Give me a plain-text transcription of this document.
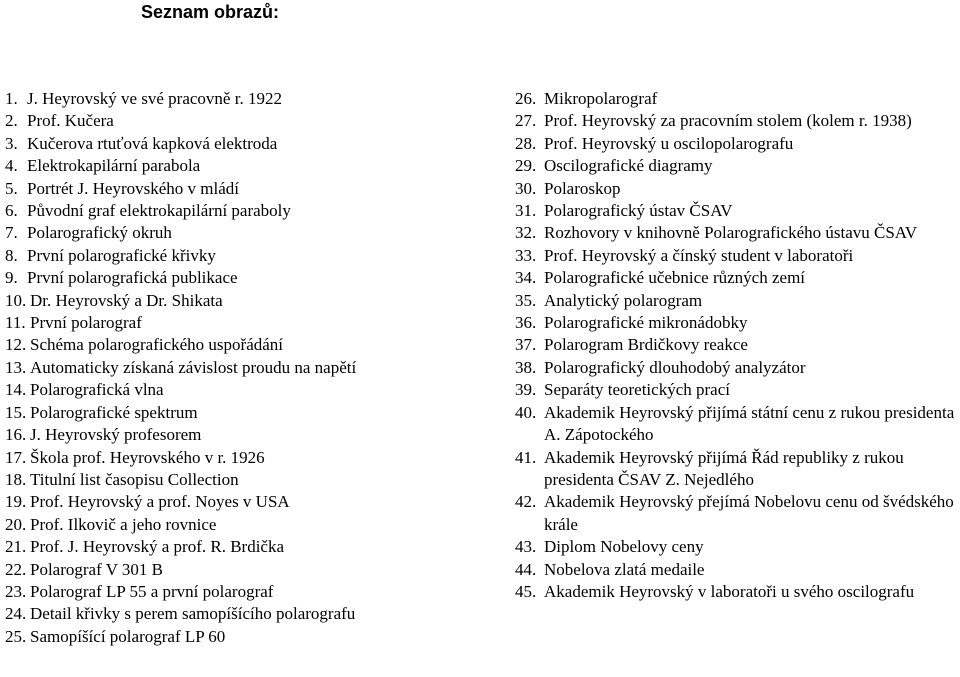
Seznam obrazů:
1. J. Heyrovský ve své pracovně r. 1922
2. Prof. Kučera
3. Kučerova rtuťová kapková elektroda
4. Elektrokapilární parabola
5. Portrét J. Heyrovského v mládí
6. Původní graf elektrokapilární paraboly
7. Polarografický okruh
8. První polarografické křivky
9. První polarografická publikace
10. Dr. Heyrovský a Dr. Shikata
11. První polarograf
12. Schéma polarografického uspořádání
13. Automaticky získaná závislost proudu na napětí
14. Polarografická vlna
15. Polarografické spektrum
16. J. Heyrovský profesorem
17. Škola prof. Heyrovského v r. 1926
18. Titulní list časopisu Collection
19. Prof. Heyrovský a prof. Noyes v USA
20. Prof. Ilkovič a jeho rovnice
21. Prof. J. Heyrovský a prof. R. Brdička
22. Polarograf V 301 B
23. Polarograf LP 55 a první polarograf
24. Detail křivky s perem samopíšícího polarografu
25. Samopíšící polarograf LP 60
26. Mikropolarograf
27. Prof. Heyrovský za pracovním stolem (kolem r. 1938)
28. Prof. Heyrovský u oscilopolarografu
29. Oscilografické diagramy
30. Polaroskop
31. Polarografický ústav ČSAV
32. Rozhovory v knihovně Polarografického ústavu ČSAV
33. Prof. Heyrovský a čínský student v laboratoři
34. Polarografické učebnice různých zemí
35. Analytický polarogram
36. Polarografické mikronádobky
37. Polarogram Brdičkovy reakce
38. Polarografický dlouhodobý analyzátor
39. Separáty teoretických prací
40. Akademik Heyrovský přijímá státní cenu z rukou presidenta A. Zápotockého
41. Akademik Heyrovský přijímá Řád republiky z rukou presidenta ČSAV Z. Nejedlého
42. Akademik Heyrovský přejímá Nobelovu cenu od švédského krále
43. Diplom Nobelovy ceny
44. Nobelova zlatá medaile
45. Akademik Heyrovský v laboratoři u svého oscilografu
